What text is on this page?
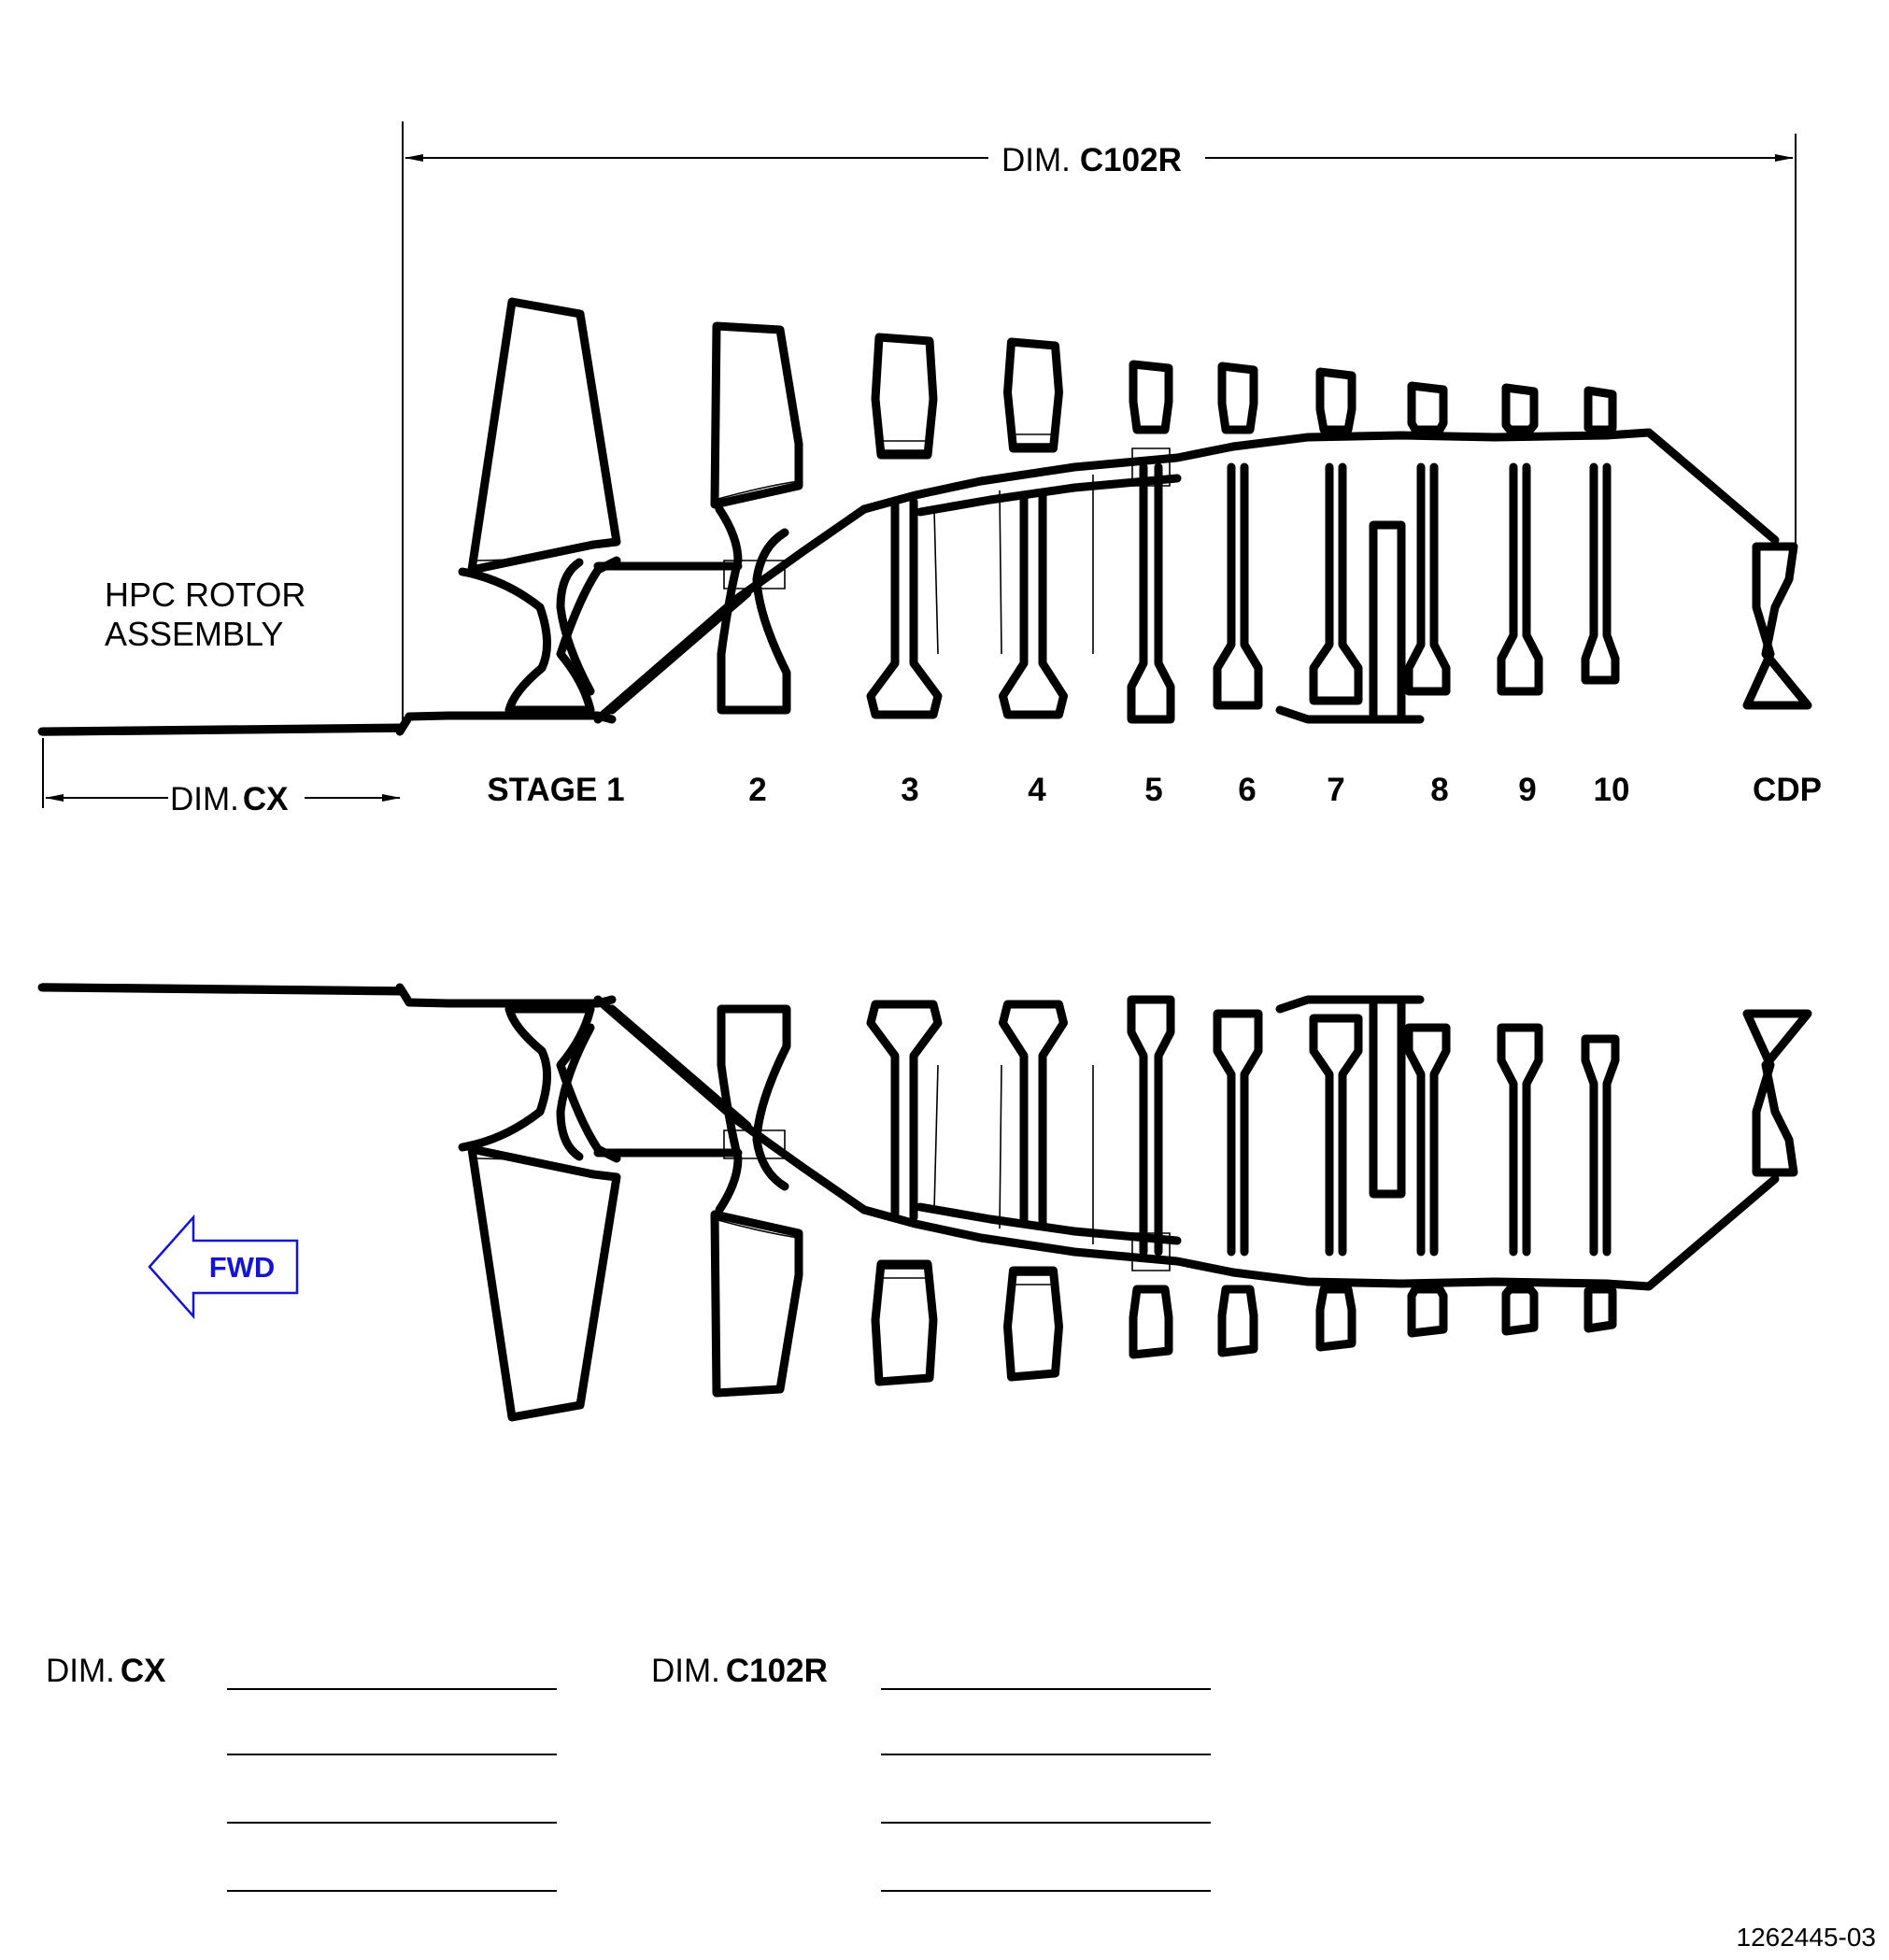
HPC ROTOR
ASSEMBLY
DIM. C102R
DIM. CX	STAGE 1	2	3	4	5 6 7	8 9 10	CDP
FWD
DIM. CX	DIM. C102R
1262445-03
